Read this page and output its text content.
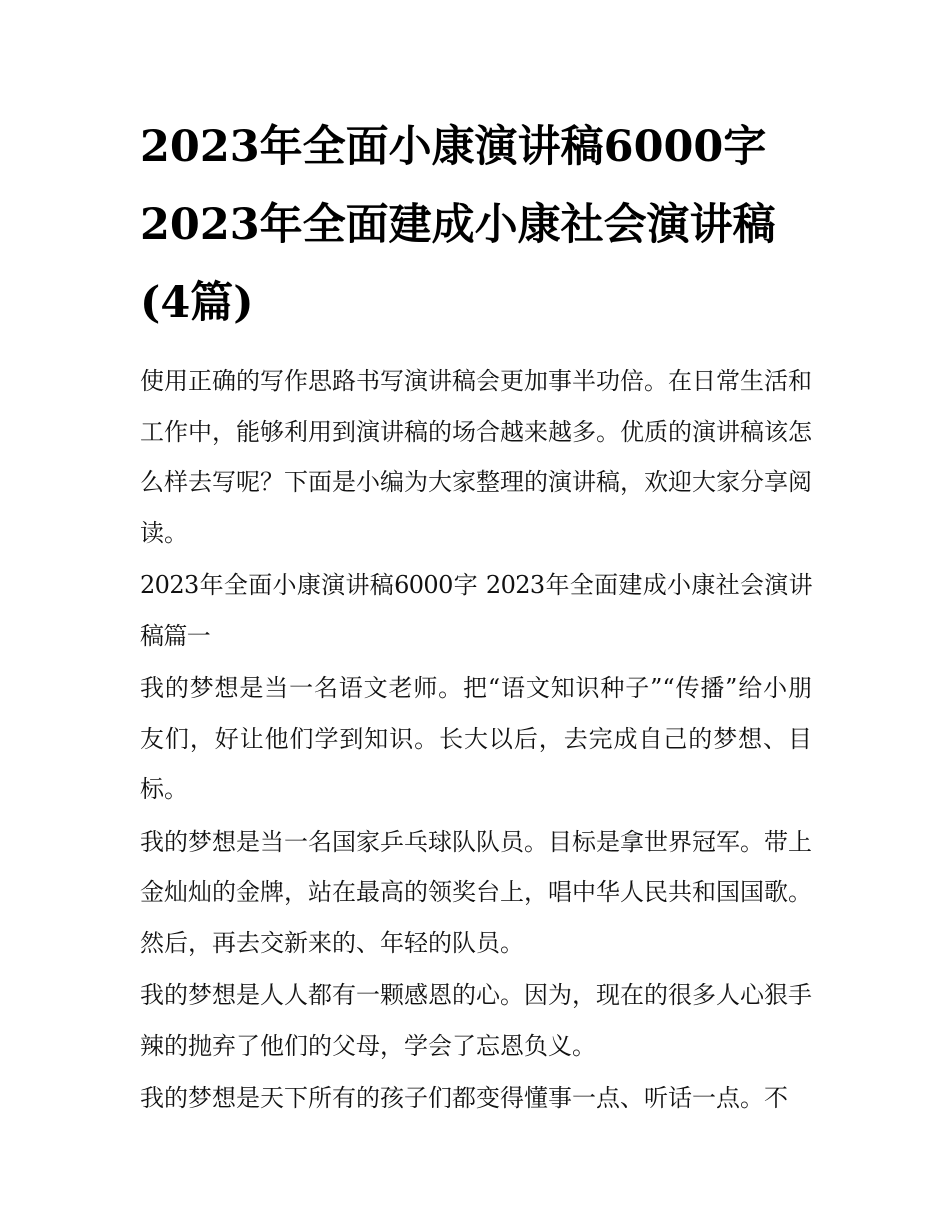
2023年全面小康演讲稿6000字 2023年全面建成小康社会演讲稿(4篇)

使用正确的写作思路书写演讲稿会更加事半功倍。在日常生活和工作中，能够利用到演讲稿的场合越来越多。优质的演讲稿该怎么样去写呢？下面是小编为大家整理的演讲稿，欢迎大家分享阅读。

2023年全面小康演讲稿6000字 2023年全面建成小康社会演讲稿篇一

我的梦想是当一名语文老师。把“语文知识种子”“传播”给小朋友们，好让他们学到知识。长大以后，去完成自己的梦想、目标。

我的梦想是当一名国家乒乓球队队员。目标是拿世界冠军。带上金灿灿的金牌，站在最高的领奖台上，唱中华人民共和国国歌。然后，再去交新来的、年轻的队员。

我的梦想是人人都有一颗感恩的心。因为，现在的很多人心狠手辣的抛弃了他们的父母，学会了忘恩负义。

我的梦想是天下所有的孩子们都变得懂事一点、听话一点。不
